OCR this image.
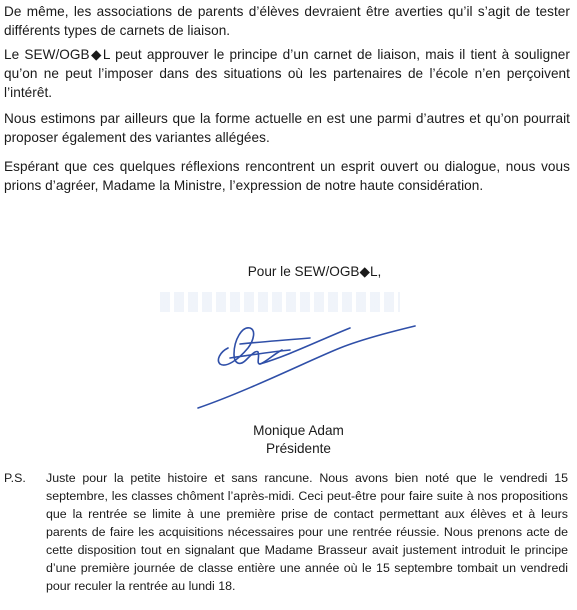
De même, les associations de parents d’élèves devraient être averties qu’il s’agit de tester différents types de carnets de liaison.

Le SEW/OGB◆L peut approuver le principe d’un carnet de liaison, mais il tient à souligner qu’on ne peut l’imposer dans des situations où les partenaires de l’école n’en perçoivent l’intérêt.

Nous estimons par ailleurs que la forme actuelle en est une parmi d’autres et qu’on pourrait proposer également des variantes allégées.

Espérant que ces quelques réflexions rencontrent un esprit ouvert ou dialogue, nous vous prions d’agréer, Madame la Ministre, l’expression de notre haute considération.

Pour le SEW/OGB◆L,
Monique Adam
Présidente
P.S. Juste pour la petite histoire et sans rancune. Nous avons bien noté que le vendredi 15 septembre, les classes chôment l’après-midi. Ceci peut-être pour faire suite à nos propositions que la rentrée se limite à une première prise de contact permettant aux élèves et à leurs parents de faire les acquisitions nécessaires pour une rentrée réussie. Nous prenons acte de cette disposition tout en signalant que Madame Brasseur avait justement introduit le principe d’une première journée de classe entière une année où le 15 septembre tombait un vendredi pour reculer la rentrée au lundi 18.
